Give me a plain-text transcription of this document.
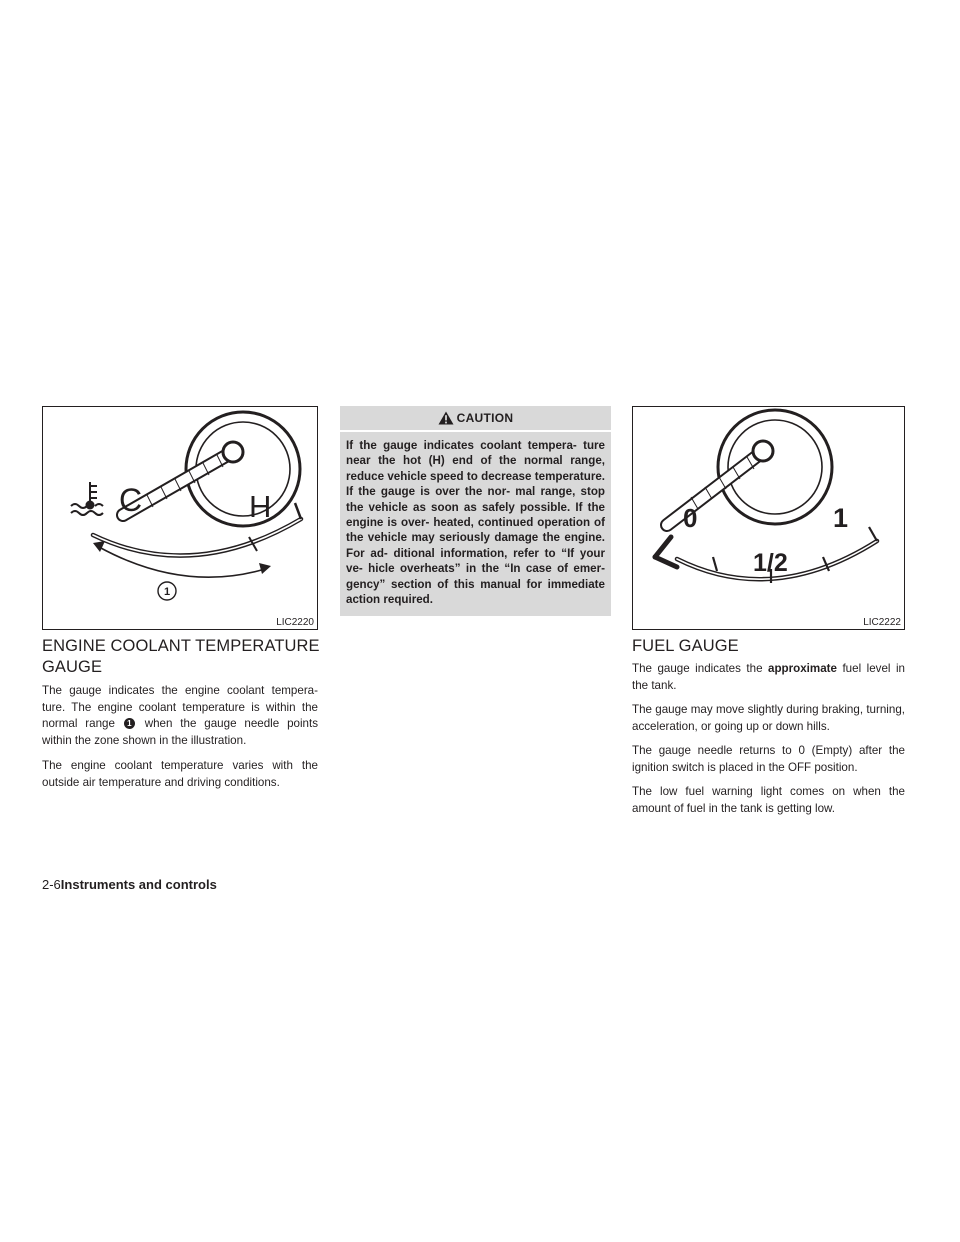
C	H
1
LIC2220
ENGINE COOLANT TEMPERATURE GAUGE

The gauge indicates the engine coolant tempera- ture. The engine coolant temperature is within the normal range 1 when the gauge needle points within the zone shown in the illustration.

The engine coolant temperature varies with the outside air temperature and driving conditions.

CAUTION

If the gauge indicates coolant tempera- ture near the hot (H) end of the normal range, reduce vehicle speed to decrease temperature. If the gauge is over the nor- mal range, stop the vehicle as soon as safely possible. If the engine is over- heated, continued operation of the vehicle may seriously damage the engine. For ad- ditional information, refer to “If your ve- hicle overheats” in the “In case of emer- gency” section of this manual for immediate action required.

0
1/2
1
LIC2222
FUEL GAUGE

The gauge indicates the approximate fuel level in the tank.

The gauge may move slightly during braking, turning, acceleration, or going up or down hills.

The gauge needle returns to 0 (Empty) after the ignition switch is placed in the OFF position.

The low fuel warning light comes on when the amount of fuel in the tank is getting low.

2-6Instruments and controls
